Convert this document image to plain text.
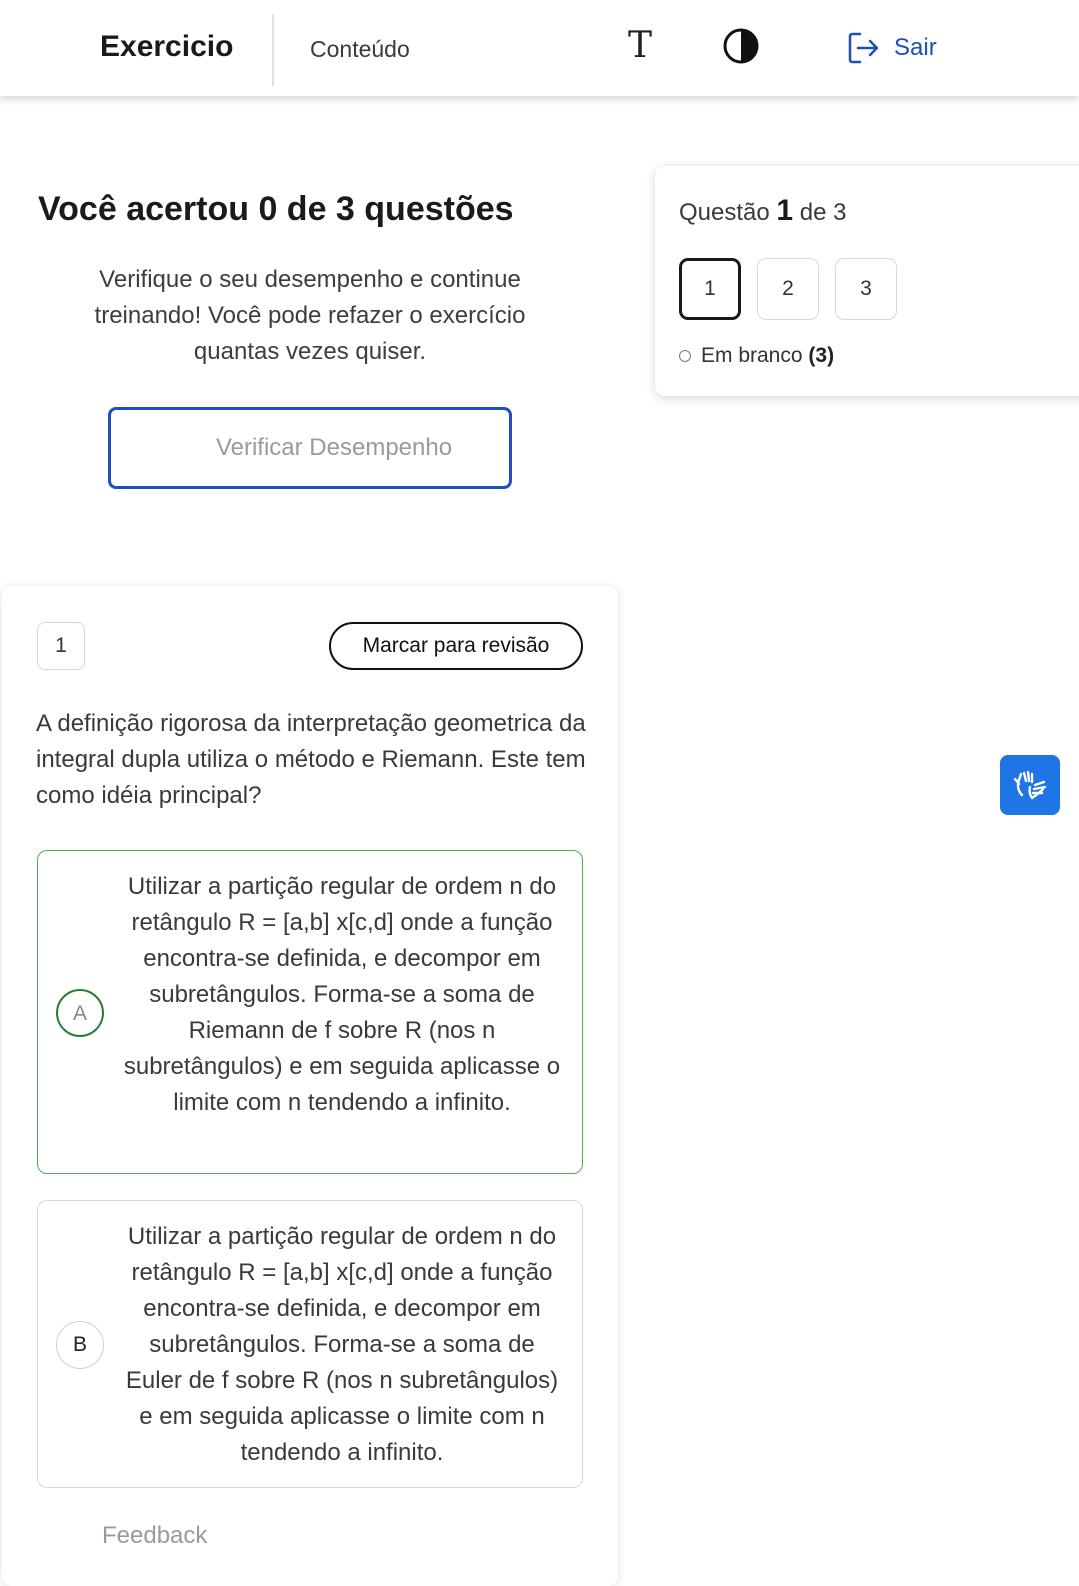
Exercicio	Conteúdo	T	Sair
Você acertou 0 de 3 questões
Verifique o seu desempenho e continue treinando! Você pode refazer o exercício quantas vezes quiser.
Verificar Desempenho
Questão 1 de 3
1	2	3
Em branco (3)
1	Marcar para revisão
A definição rigorosa da interpretação geometrica da integral dupla utiliza o método e Riemann. Este tem como idéia principal?
A
Utilizar a partição regular de ordem n do retângulo R = [a,b] x[c,d] onde a função encontra-se definida, e decompor em subretângulos. Forma-se a soma de Riemann de f sobre R (nos n subretângulos) e em seguida aplicasse o limite com n tendendo a infinito.
B
Utilizar a partição regular de ordem n do retângulo R = [a,b] x[c,d] onde a função encontra-se definida, e decompor em subretângulos. Forma-se a soma de Euler de f sobre R (nos n subretângulos) e em seguida aplicasse o limite com n tendendo a infinito.
Feedback
